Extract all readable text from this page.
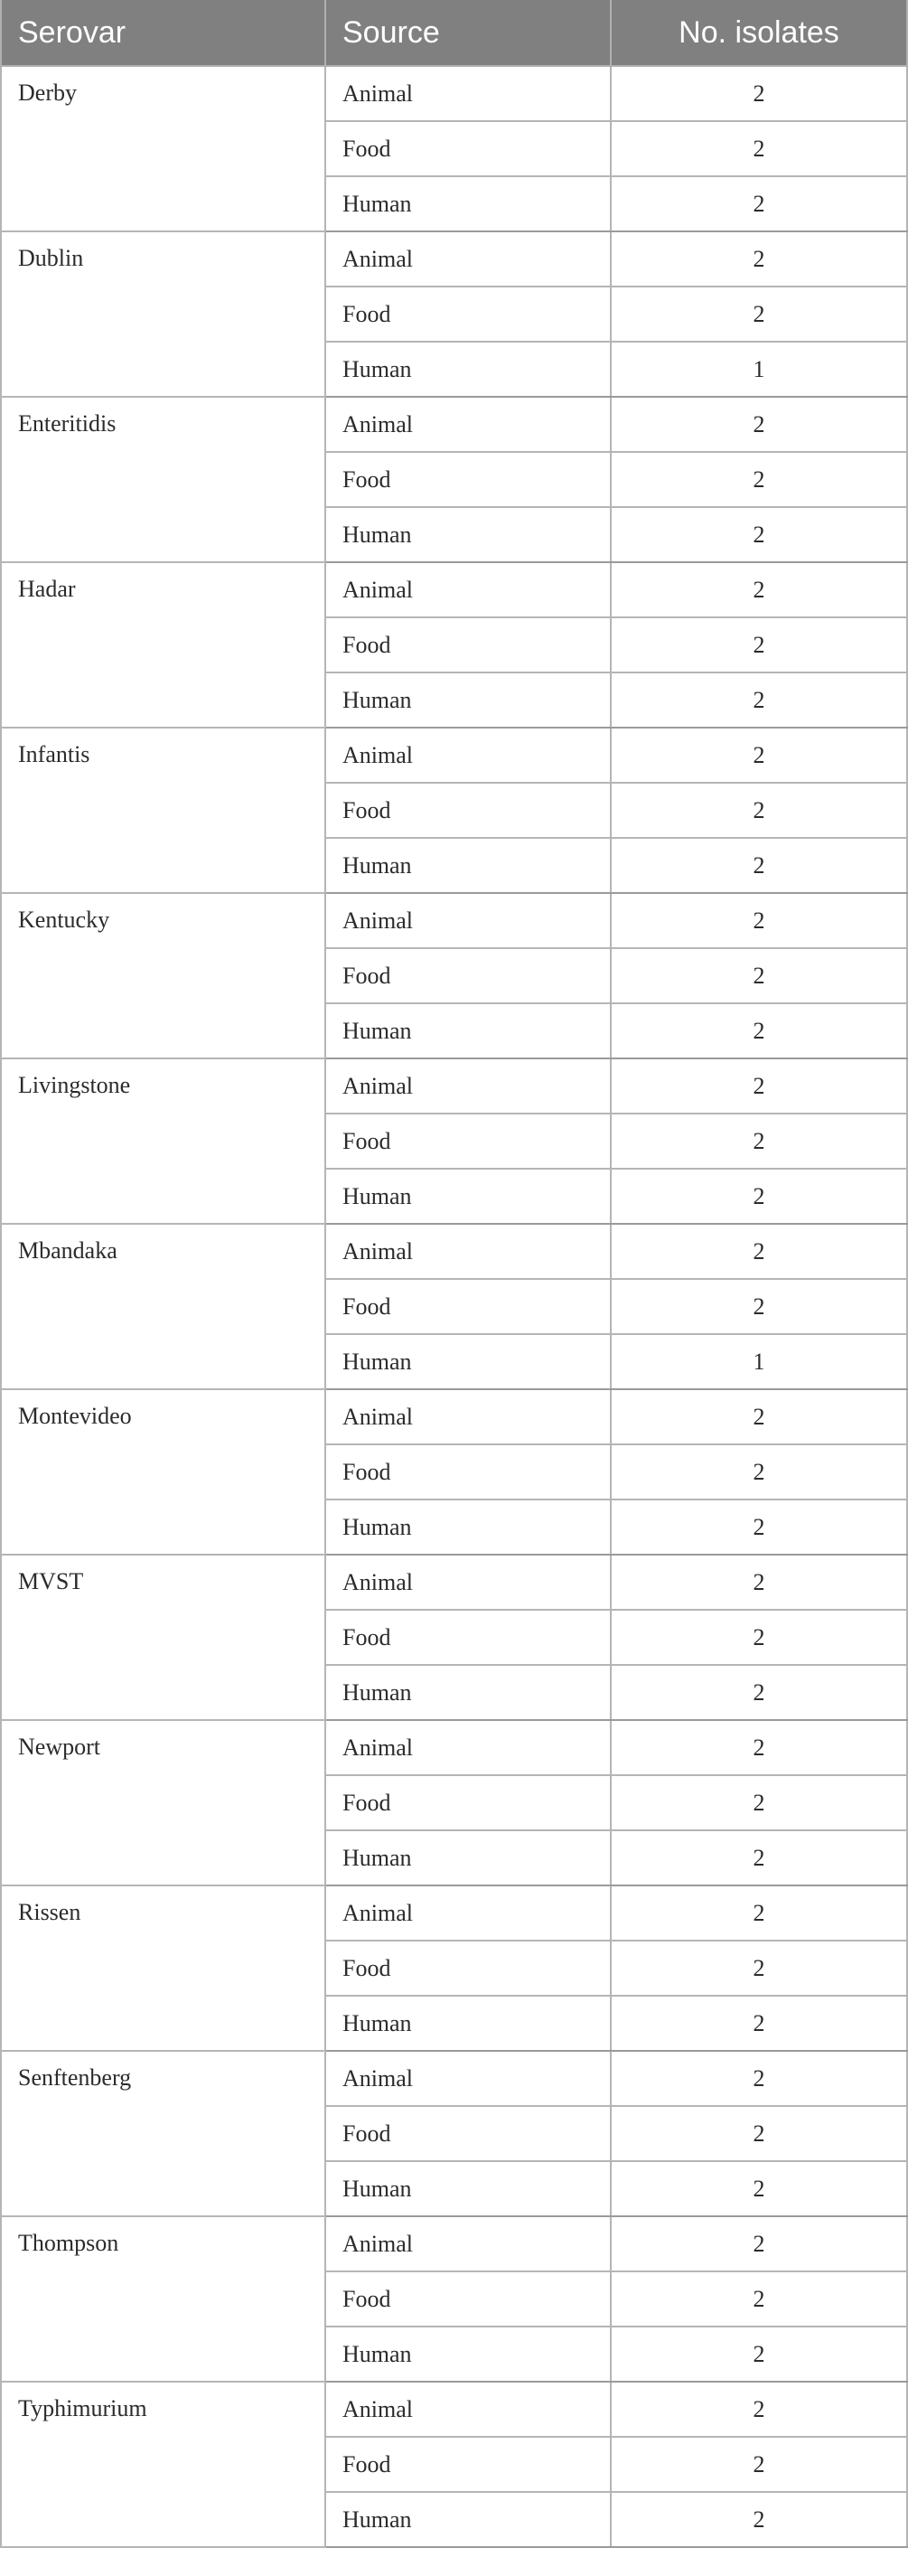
Serovar	Source	No. isolates
Derby	Animal	2
	Food	2
	Human	2
Dublin	Animal	2
	Food	2
	Human	1
Enteritidis	Animal	2
	Food	2
	Human	2
Hadar	Animal	2
	Food	2
	Human	2
Infantis	Animal	2
	Food	2
	Human	2
Kentucky	Animal	2
	Food	2
	Human	2
Livingstone	Animal	2
	Food	2
	Human	2
Mbandaka	Animal	2
	Food	2
	Human	1
Montevideo	Animal	2
	Food	2
	Human	2
MVST	Animal	2
	Food	2
	Human	2
Newport	Animal	2
	Food	2
	Human	2
Rissen	Animal	2
	Food	2
	Human	2
Senftenberg	Animal	2
	Food	2
	Human	2
Thompson	Animal	2
	Food	2
	Human	2
Typhimurium	Animal	2
	Food	2
	Human	2
